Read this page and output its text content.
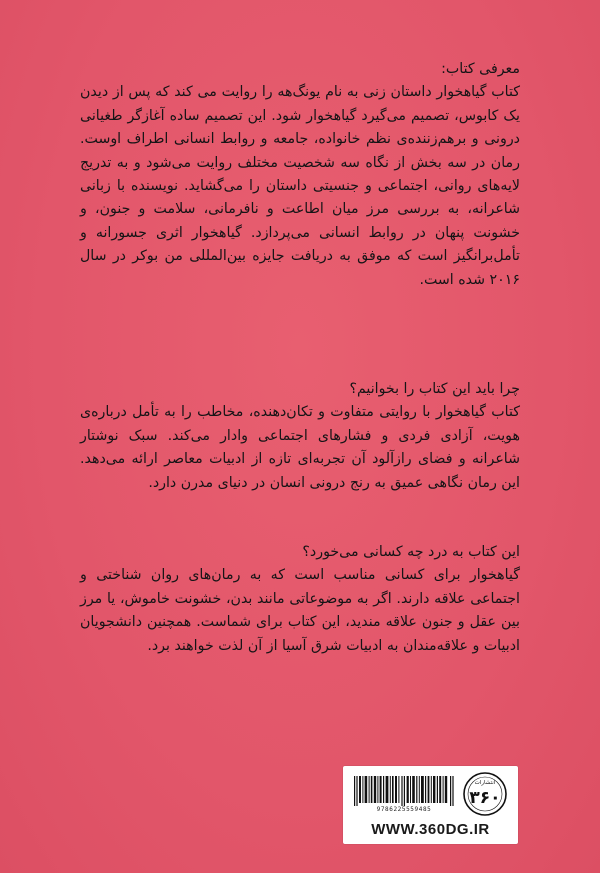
معرفی کتاب:

کتاب گیاهخوار داستان زنی به نام یونگ‌هه را روایت می کند که پس از دیدن یک کابوس، تصمیم می‌گیرد گیاهخوار شود. این تصمیم ساده آغازگر طغیانی درونی و برهم‌زننده‌ی نظم خانواده، جامعه و روابط انسانی اطراف اوست. رمان در سه بخش از نگاه سه شخصیت مختلف روایت می‌شود و به تدریج لایه‌های روانی، اجتماعی و جنسیتی داستان را می‌گشاید. نویسنده با زبانی شاعرانه، به بررسی مرز میان اطاعت و نافرمانی، سلامت و جنون، و خشونت پنهان در روابط انسانی می‌پردازد. گیاهخوار اثری جسورانه و تأمل‌برانگیز است که موفق به دریافت جایزه بین‌المللی من بوکر در سال ۲۰۱۶ شده است.

چرا باید این کتاب را بخوانیم؟

کتاب گیاهخوار با روایتی متفاوت و تکان‌دهنده، مخاطب را به تأمل درباره‌ی هویت، آزادی فردی و فشارهای اجتماعی وادار می‌کند. سبک نوشتار شاعرانه و فضای رازآلود آن تجربه‌ای تازه از ادبیات معاصر ارائه می‌دهد. این رمان نگاهی عمیق به رنج درونی انسان در دنیای مدرن دارد.

این کتاب به درد چه کسانی می‌خورد؟

گیاهخوار برای کسانی مناسب است که به رمان‌های روان شناختی و اجتماعی علاقه دارند. اگر به موضوعاتی مانند بدن، خشونت خاموش، یا مرز بین عقل و جنون علاقه مندید، این کتاب برای شماست. همچنین دانشجویان ادبیات و علاقه‌مندان به ادبیات شرق آسیا از آن لذت خواهند برد.

9786225559485
انتشارات
۳۶۰
WWW.360DG.IR
